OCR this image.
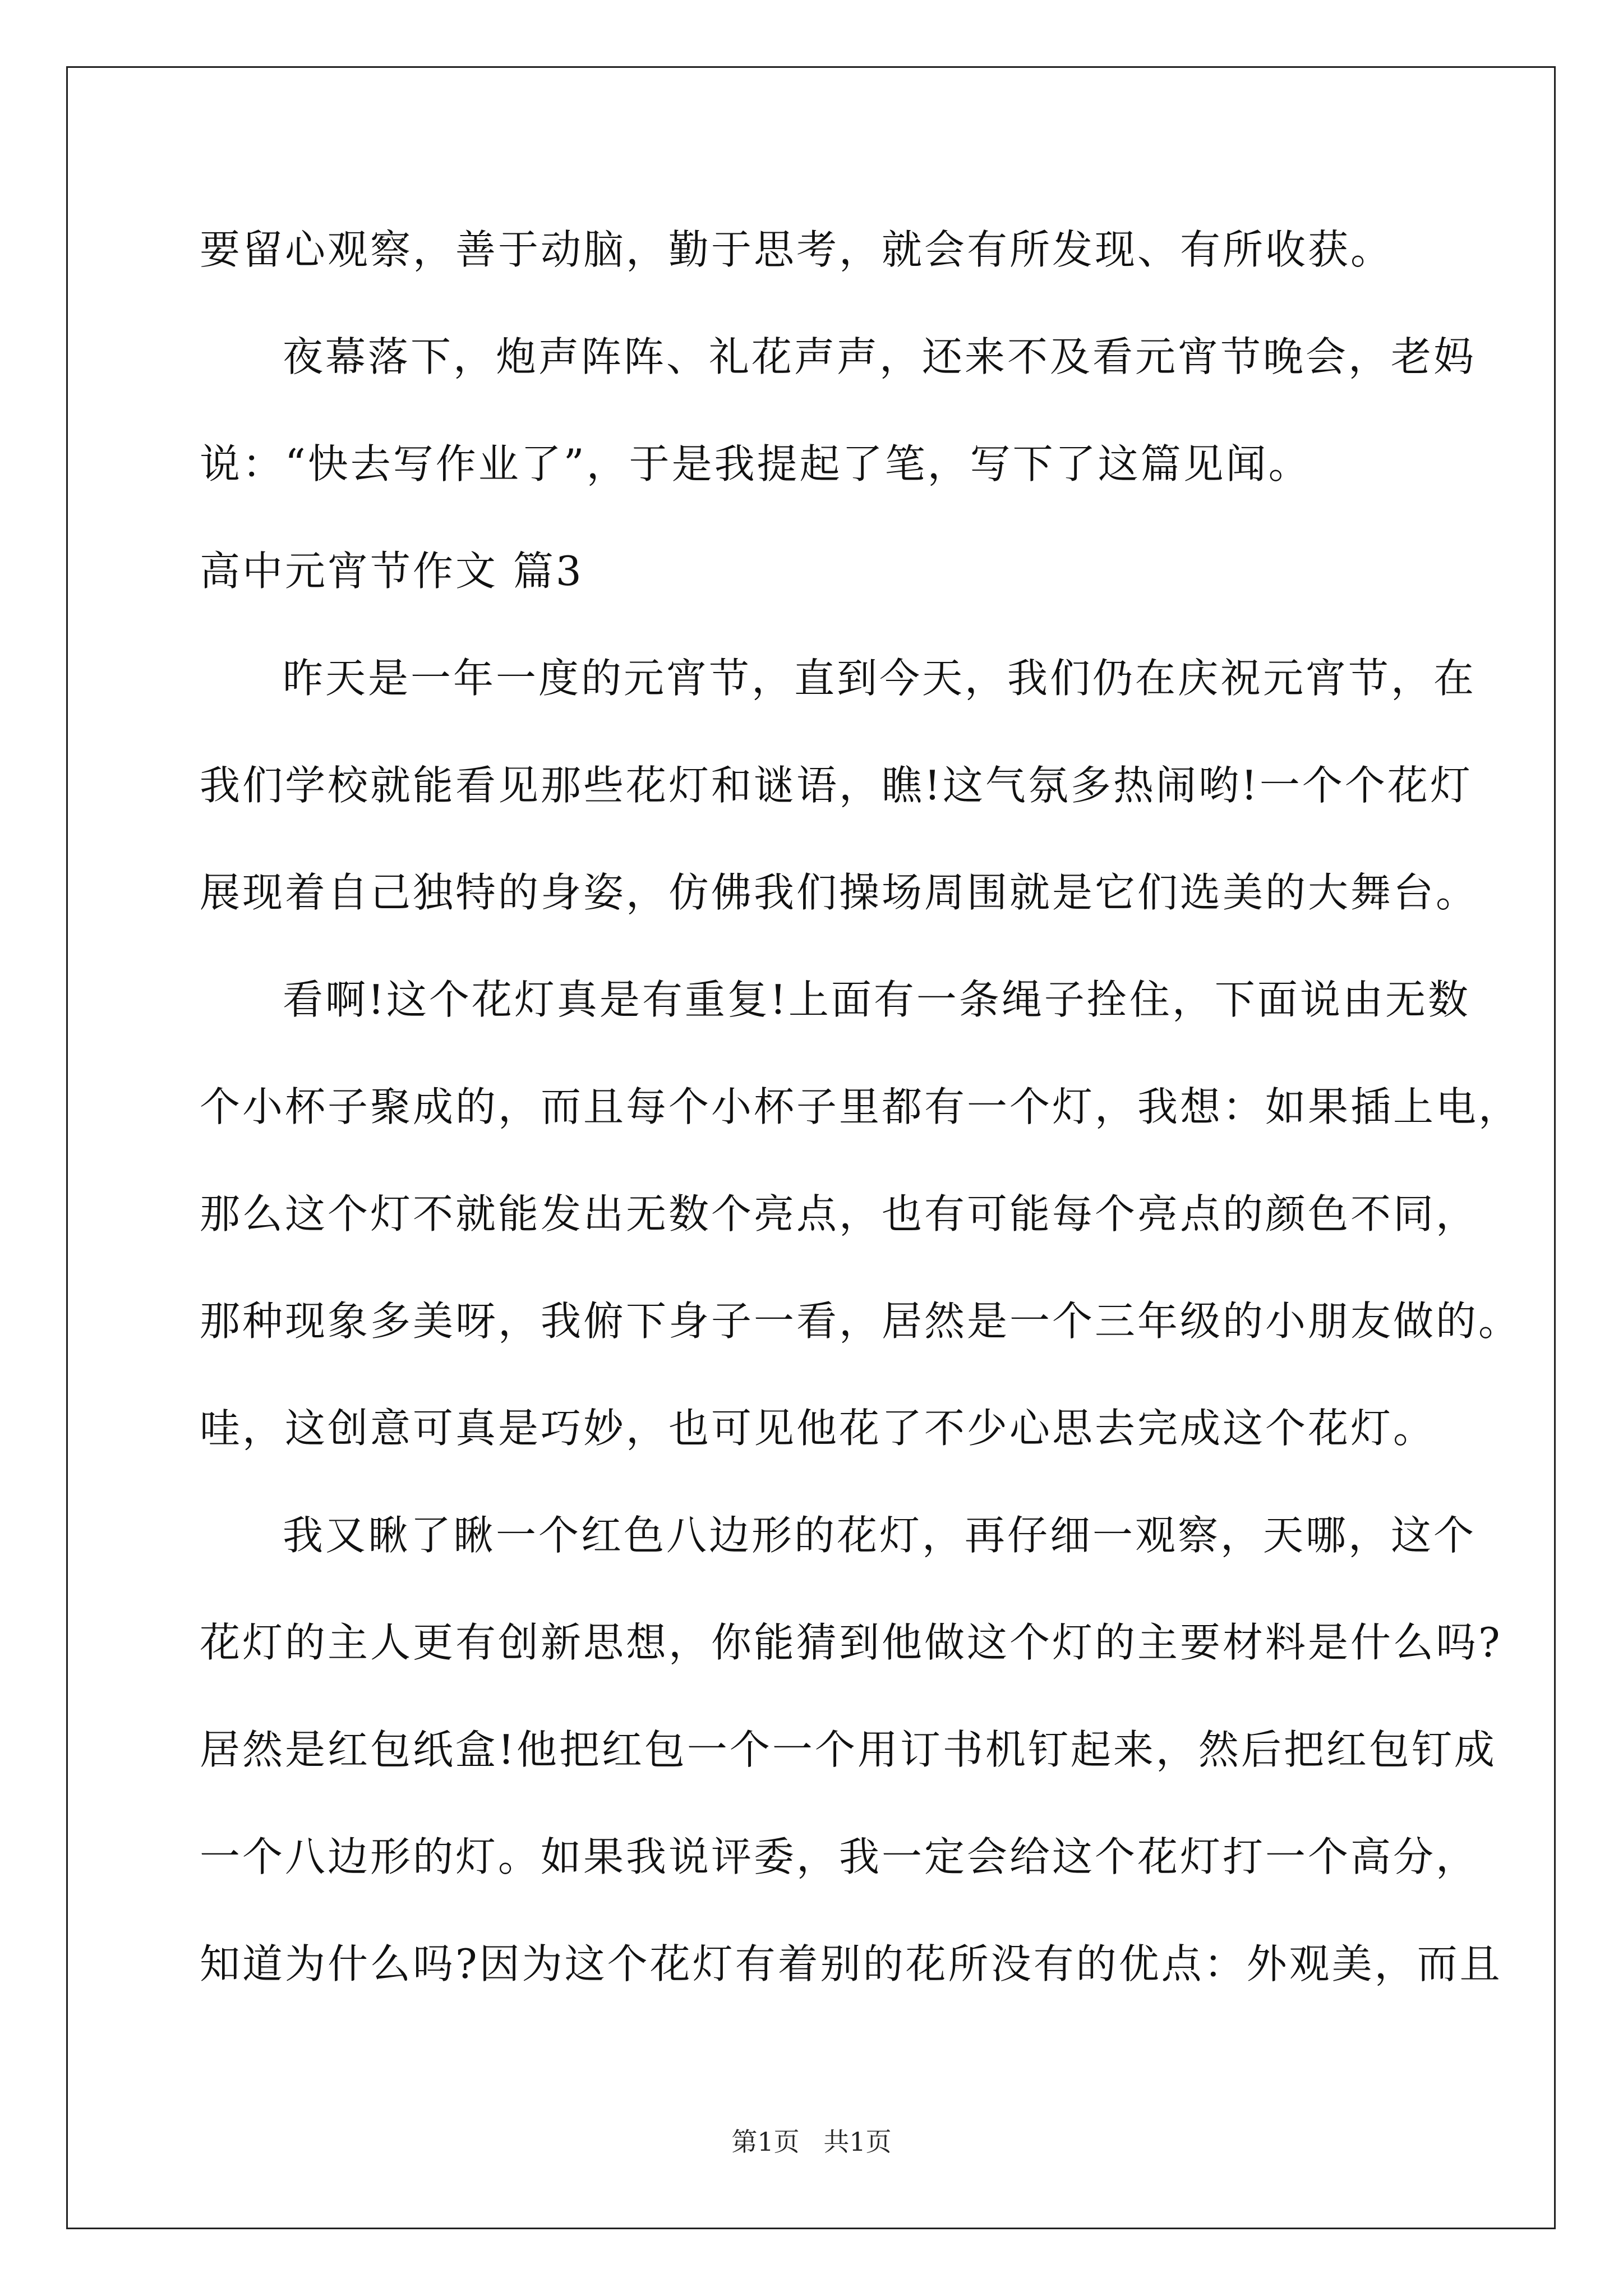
要留心观察，善于动脑，勤于思考，就会有所发现、有所收获。
夜幕落下，炮声阵阵、礼花声声，还来不及看元宵节晚会，老妈
说：“快去写作业了”，于是我提起了笔，写下了这篇见闻。
高中元宵节作文 篇3
昨天是一年一度的元宵节，直到今天，我们仍在庆祝元宵节，在
我们学校就能看见那些花灯和谜语，瞧!这气氛多热闹哟!一个个花灯
展现着自己独特的身姿，仿佛我们操场周围就是它们选美的大舞台。
看啊!这个花灯真是有重复!上面有一条绳子拴住，下面说由无数
个小杯子聚成的，而且每个小杯子里都有一个灯，我想：如果插上电，
那么这个灯不就能发出无数个亮点，也有可能每个亮点的颜色不同，
那种现象多美呀，我俯下身子一看，居然是一个三年级的小朋友做的。
哇，这创意可真是巧妙，也可见他花了不少心思去完成这个花灯。
我又瞅了瞅一个红色八边形的花灯，再仔细一观察，天哪，这个
花灯的主人更有创新思想，你能猜到他做这个灯的主要材料是什么吗?
居然是红包纸盒!他把红包一个一个用订书机钉起来，然后把红包钉成
一个八边形的灯。如果我说评委，我一定会给这个花灯打一个高分，
知道为什么吗?因为这个花灯有着别的花所没有的优点：外观美，而且
第1页 共1页
